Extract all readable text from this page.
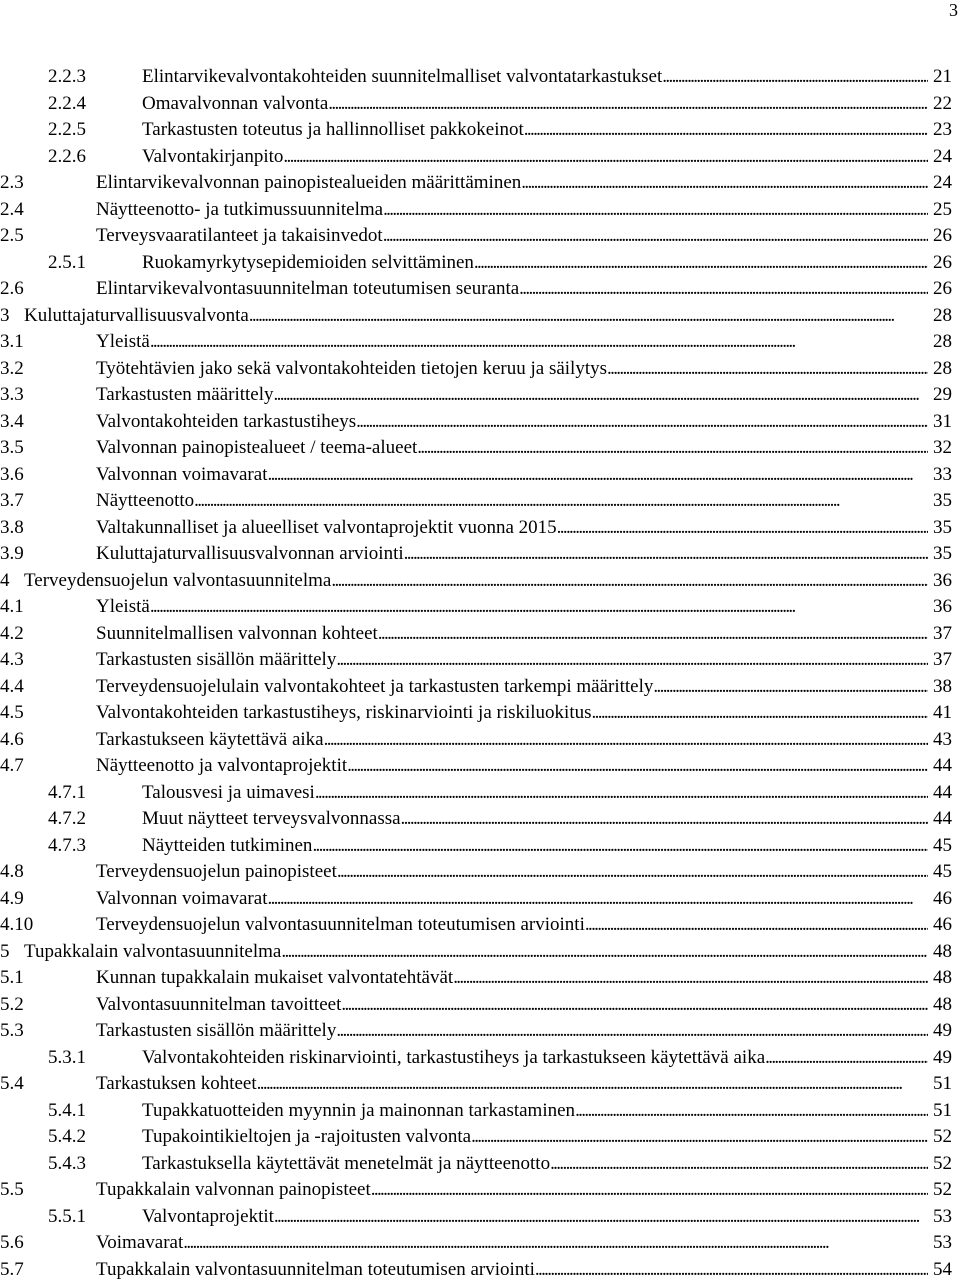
3
2.2.3	Elintarvikevalvontakohteiden suunnitelmalliset valvontatarkastukset . . .	21
2.2.4	Omavalvonnan valvonta . . .	22
2.2.5	Tarkastusten toteutus ja hallinnolliset pakkokeinot . . .	23
2.2.6	Valvontakirjanpito . . .	24
2.3	Elintarvikevalvonnan painopistealueiden määrittäminen . . .	24
2.4	Näytteenotto- ja tutkimussuunnitelma . . .	25
2.5	Terveysvaaratilanteet ja takaisinvedot . . .	26
2.5.1	Ruokamyrkytysepidemioiden selvittäminen . . .	26
2.6	Elintarvikevalvontasuunnitelman toteutumisen seuranta . . .	26
3 Kuluttajaturvallisuusvalvonta . . .	28
3.1	Yleistä . . .	28
3.2	Työtehtävien jako sekä valvontakohteiden tietojen keruu ja säilytys . . .	28
3.3	Tarkastusten määrittely . . .	29
3.4	Valvontakohteiden tarkastustiheys . . .	31
3.5	Valvonnan painopistealueet / teema-alueet . . .	32
3.6	Valvonnan voimavarat . . .	33
3.7	Näytteenotto . . .	35
3.8	Valtakunnalliset ja alueelliset valvontaprojektit vuonna 2015 . . .	35
3.9	Kuluttajaturvallisuusvalvonnan arviointi . . .	35
4 Terveydensuojelun valvontasuunnitelma . . .	36
4.1	Yleistä . . .	36
4.2	Suunnitelmallisen valvonnan kohteet . . .	37
4.3	Tarkastusten sisällön määrittely . . .	37
4.4	Terveydensuojelulain valvontakohteet ja tarkastusten tarkempi määrittely . . .	38
4.5	Valvontakohteiden tarkastustiheys, riskinarviointi ja riskiluokitus . . .	41
4.6	Tarkastukseen käytettävä aika . . .	43
4.7	Näytteenotto ja valvontaprojektit . . .	44
4.7.1	Talousvesi ja uimavesi . . .	44
4.7.2	Muut näytteet terveysvalvonnassa . . .	44
4.7.3	Näytteiden tutkiminen . . .	45
4.8	Terveydensuojelun painopisteet . . .	45
4.9	Valvonnan voimavarat . . .	46
4.10	Terveydensuojelun valvontasuunnitelman toteutumisen arviointi . . .	46
5 Tupakkalain valvontasuunnitelma . . .	48
5.1	Kunnan tupakkalain mukaiset valvontatehtävät . . .	48
5.2	Valvontasuunnitelman tavoitteet . . .	48
5.3	Tarkastusten sisällön määrittely . . .	49
5.3.1	Valvontakohteiden riskinarviointi, tarkastustiheys ja tarkastukseen käytettävä aika . . .	49
5.4	Tarkastuksen kohteet . . .	51
5.4.1	Tupakkatuotteiden myynnin ja mainonnan tarkastaminen . . .	51
5.4.2	Tupakointikieltojen ja -rajoitusten valvonta . . .	52
5.4.3	Tarkastuksella käytettävät menetelmät ja näytteenotto . . .	52
5.5	Tupakkalain valvonnan painopisteet . . .	52
5.5.1	Valvontaprojektit . . .	53
5.6	Voimavarat . . .	53
5.7	Tupakkalain valvontasuunnitelman toteutumisen arviointi . . .	54
